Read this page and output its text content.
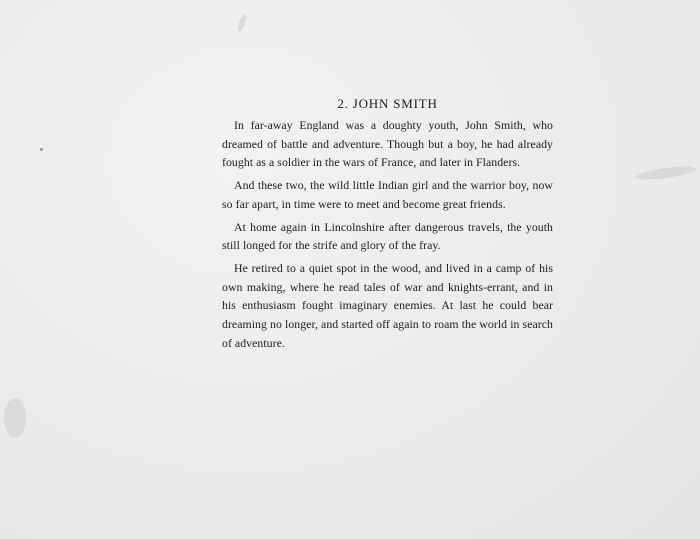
2. JOHN SMITH

In far-away England was a doughty youth, John Smith, who dreamed of battle and adventure. Though but a boy, he had already fought as a soldier in the wars of France, and later in Flanders.

And these two, the wild little Indian girl and the warrior boy, now so far apart, in time were to meet and become great friends.

At home again in Lincolnshire after dangerous travels, the youth still longed for the strife and glory of the fray.

He retired to a quiet spot in the wood, and lived in a camp of his own making, where he read tales of war and knights-errant, and in his enthusiasm fought imaginary enemies. At last he could bear dreaming no longer, and started off again to roam the world in search of adventure.
